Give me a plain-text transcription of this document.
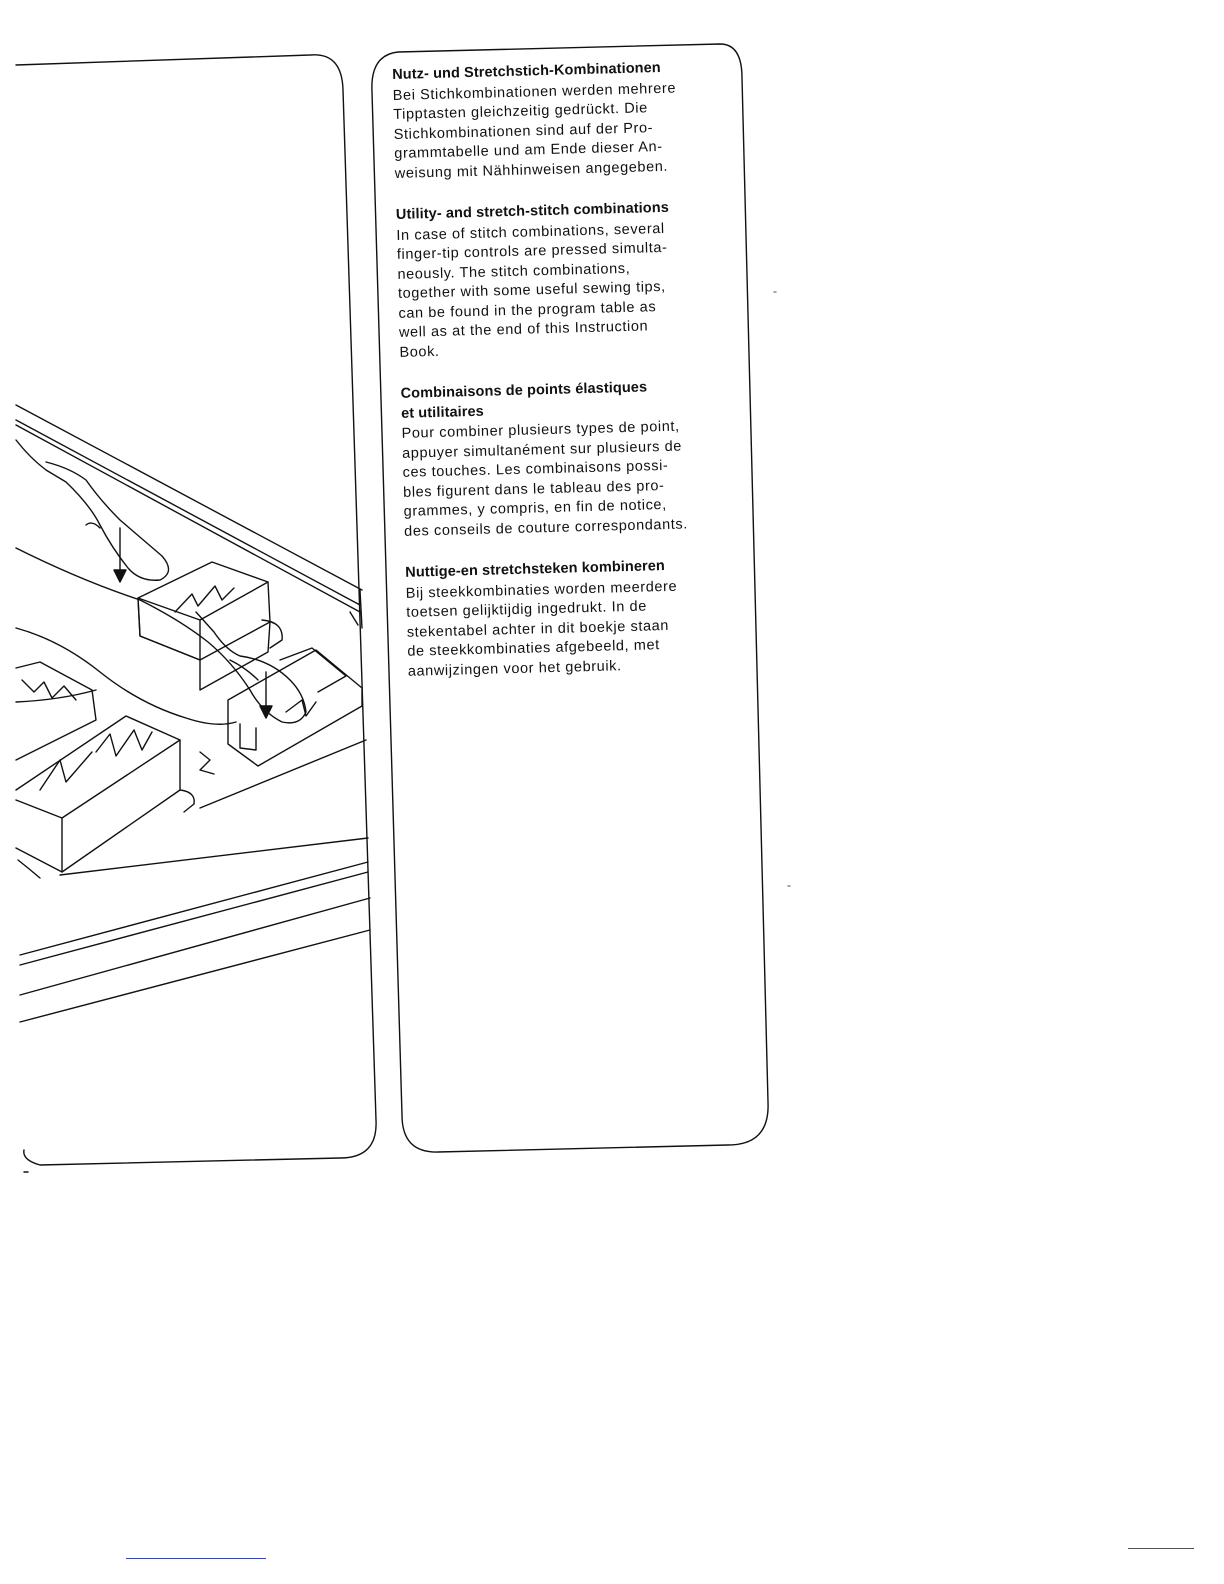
Nutz- und Stretchstich-Kombinationen
Bei Stichkombinationen werden mehrere
Tipptasten gleichzeitig gedrückt. Die
Stichkombinationen sind auf der Pro-
grammtabelle und am Ende dieser An-
weisung mit Nähhinweisen angegeben.
Utility- and stretch-stitch combinations
In case of stitch combinations, several
finger-tip controls are pressed simulta-
neously. The stitch combinations,
together with some useful sewing tips,
can be found in the program table as
well as at the end of this Instruction
Book.
Combinaisons de points élastiques
et utilitaires
Pour combiner plusieurs types de point,
appuyer simultanément sur plusieurs de
ces touches. Les combinaisons possi-
bles figurent dans le tableau des pro-
grammes, y compris, en fin de notice,
des conseils de couture correspondants.
Nuttige-en stretchsteken kombineren
Bij steekkombinaties worden meerdere
toetsen gelijktijdig ingedrukt. In de
stekentabel achter in dit boekje staan
de steekkombinaties afgebeeld, met
aanwijzingen voor het gebruik.
